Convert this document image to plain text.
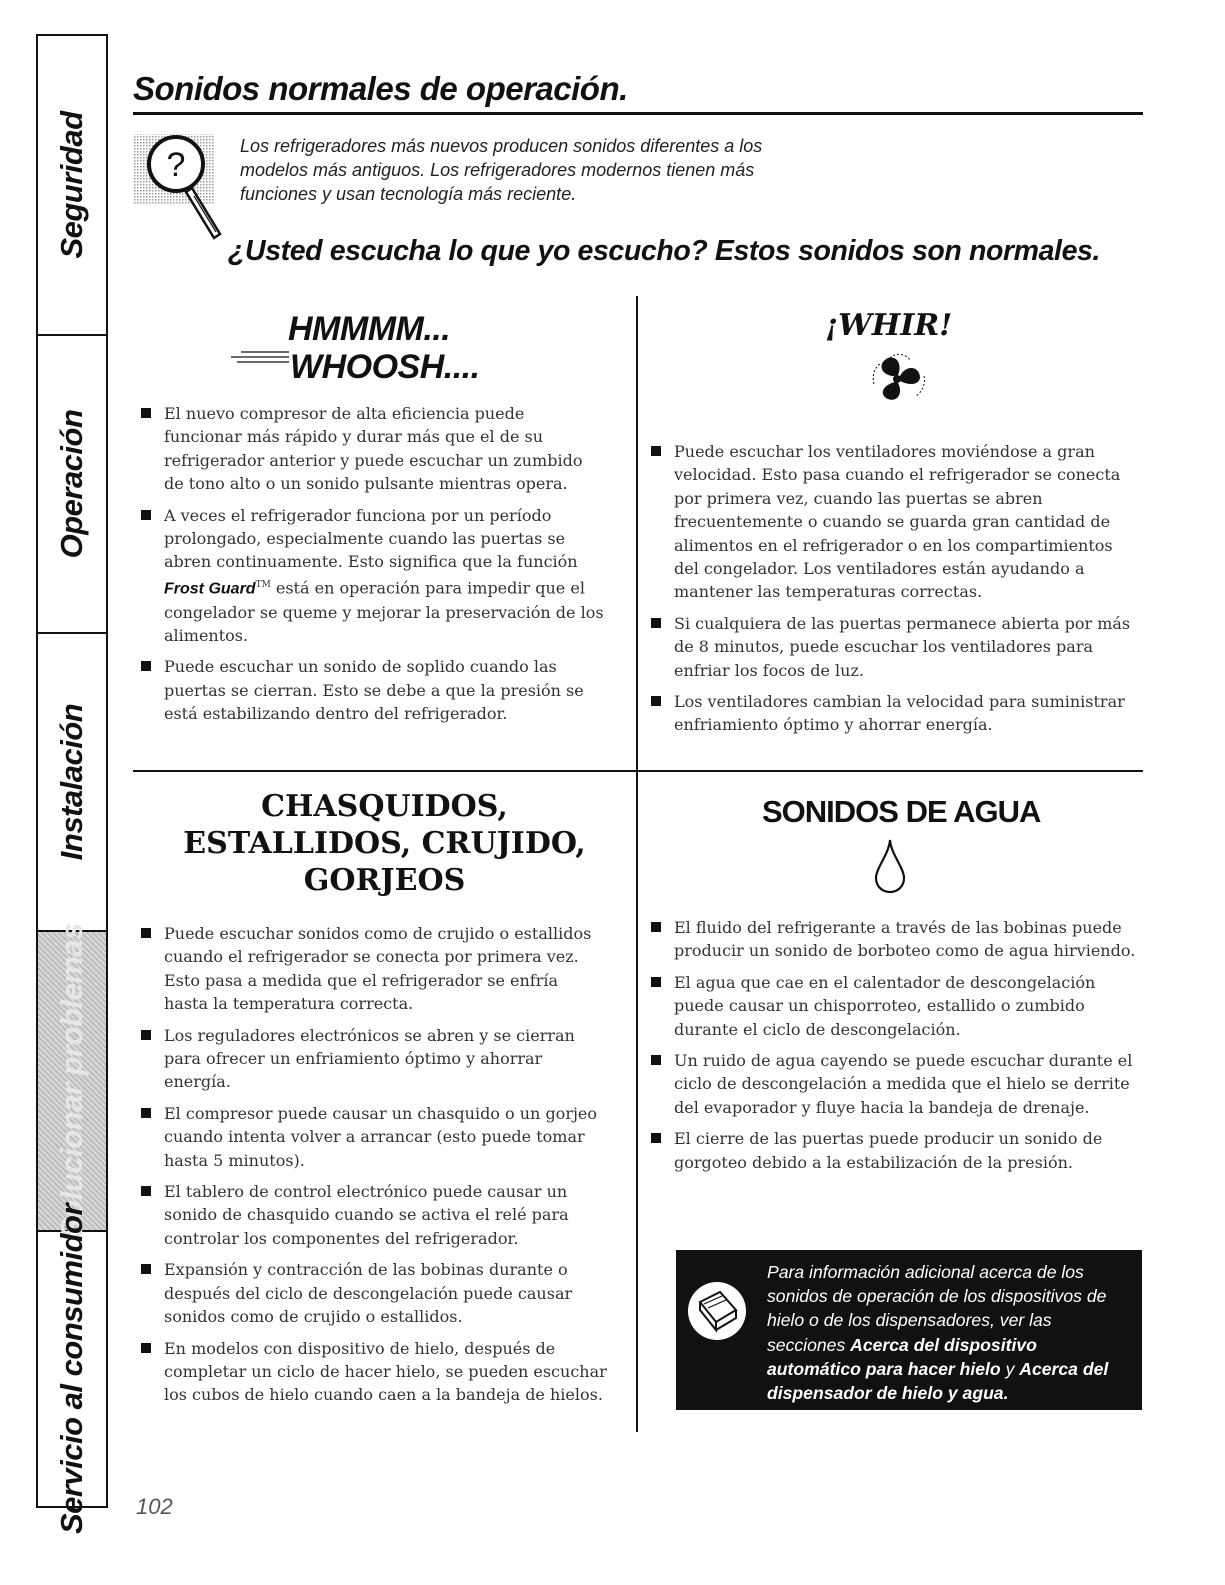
Seguridad
Operación
Instalación
Solucionar problemas
Servicio al consumidor
Sonidos normales de operación.
?	Los refrigeradores más nuevos producen sonidos diferentes a los modelos más antiguos. Los refrigeradores modernos tienen más funciones y usan tecnología más reciente.
¿Usted escucha lo que yo escucho? Estos sonidos son normales.
HMMMM...
WHOOSH....
El nuevo compresor de alta eficiencia puede funcionar más rápido y durar más que el de su refrigerador anterior y puede escuchar un zumbido de tono alto o un sonido pulsante mientras opera.
A veces el refrigerador funciona por un período prolongado, especialmente cuando las puertas se abren continuamente. Esto significa que la función Frost Guard™ está en operación para impedir que el congelador se queme y mejorar la preservación de los alimentos.
Puede escuchar un sonido de soplido cuando las puertas se cierran. Esto se debe a que la presión se está estabilizando dentro del refrigerador.
¡WHIR!
Puede escuchar los ventiladores moviéndose a gran velocidad. Esto pasa cuando el refrigerador se conecta por primera vez, cuando las puertas se abren frecuentemente o cuando se guarda gran cantidad de alimentos en el refrigerador o en los compartimientos del congelador. Los ventiladores están ayudando a mantener las temperaturas correctas.
Si cualquiera de las puertas permanece abierta por más de 8 minutos, puede escuchar los ventiladores para enfriar los focos de luz.
Los ventiladores cambian la velocidad para suministrar enfriamiento óptimo y ahorrar energía.
CHASQUIDOS,
ESTALLIDOS, CRUJIDO,
GORJEOS
Puede escuchar sonidos como de crujido o estallidos cuando el refrigerador se conecta por primera vez. Esto pasa a medida que el refrigerador se enfría hasta la temperatura correcta.
Los reguladores electrónicos se abren y se cierran para ofrecer un enfriamiento óptimo y ahorrar energía.
El compresor puede causar un chasquido o un gorjeo cuando intenta volver a arrancar (esto puede tomar hasta 5 minutos).
El tablero de control electrónico puede causar un sonido de chasquido cuando se activa el relé para controlar los componentes del refrigerador.
Expansión y contracción de las bobinas durante o después del ciclo de descongelación puede causar sonidos como de crujido o estallidos.
En modelos con dispositivo de hielo, después de completar un ciclo de hacer hielo, se pueden escuchar los cubos de hielo cuando caen a la bandeja de hielos.
SONIDOS DE AGUA
El fluido del refrigerante a través de las bobinas puede producir un sonido de borboteo como de agua hirviendo.
El agua que cae en el calentador de descongelación puede causar un chisporroteo, estallido o zumbido durante el ciclo de descongelación.
Un ruido de agua cayendo se puede escuchar durante el ciclo de descongelación a medida que el hielo se derrite del evaporador y fluye hacia la bandeja de drenaje.
El cierre de las puertas puede producir un sonido de gorgoteo debido a la estabilización de la presión.
Para información adicional acerca de los sonidos de operación de los dispositivos de hielo o de los dispensadores, ver las secciones Acerca del dispositivo automático para hacer hielo y Acerca del dispensador de hielo y agua.
102
